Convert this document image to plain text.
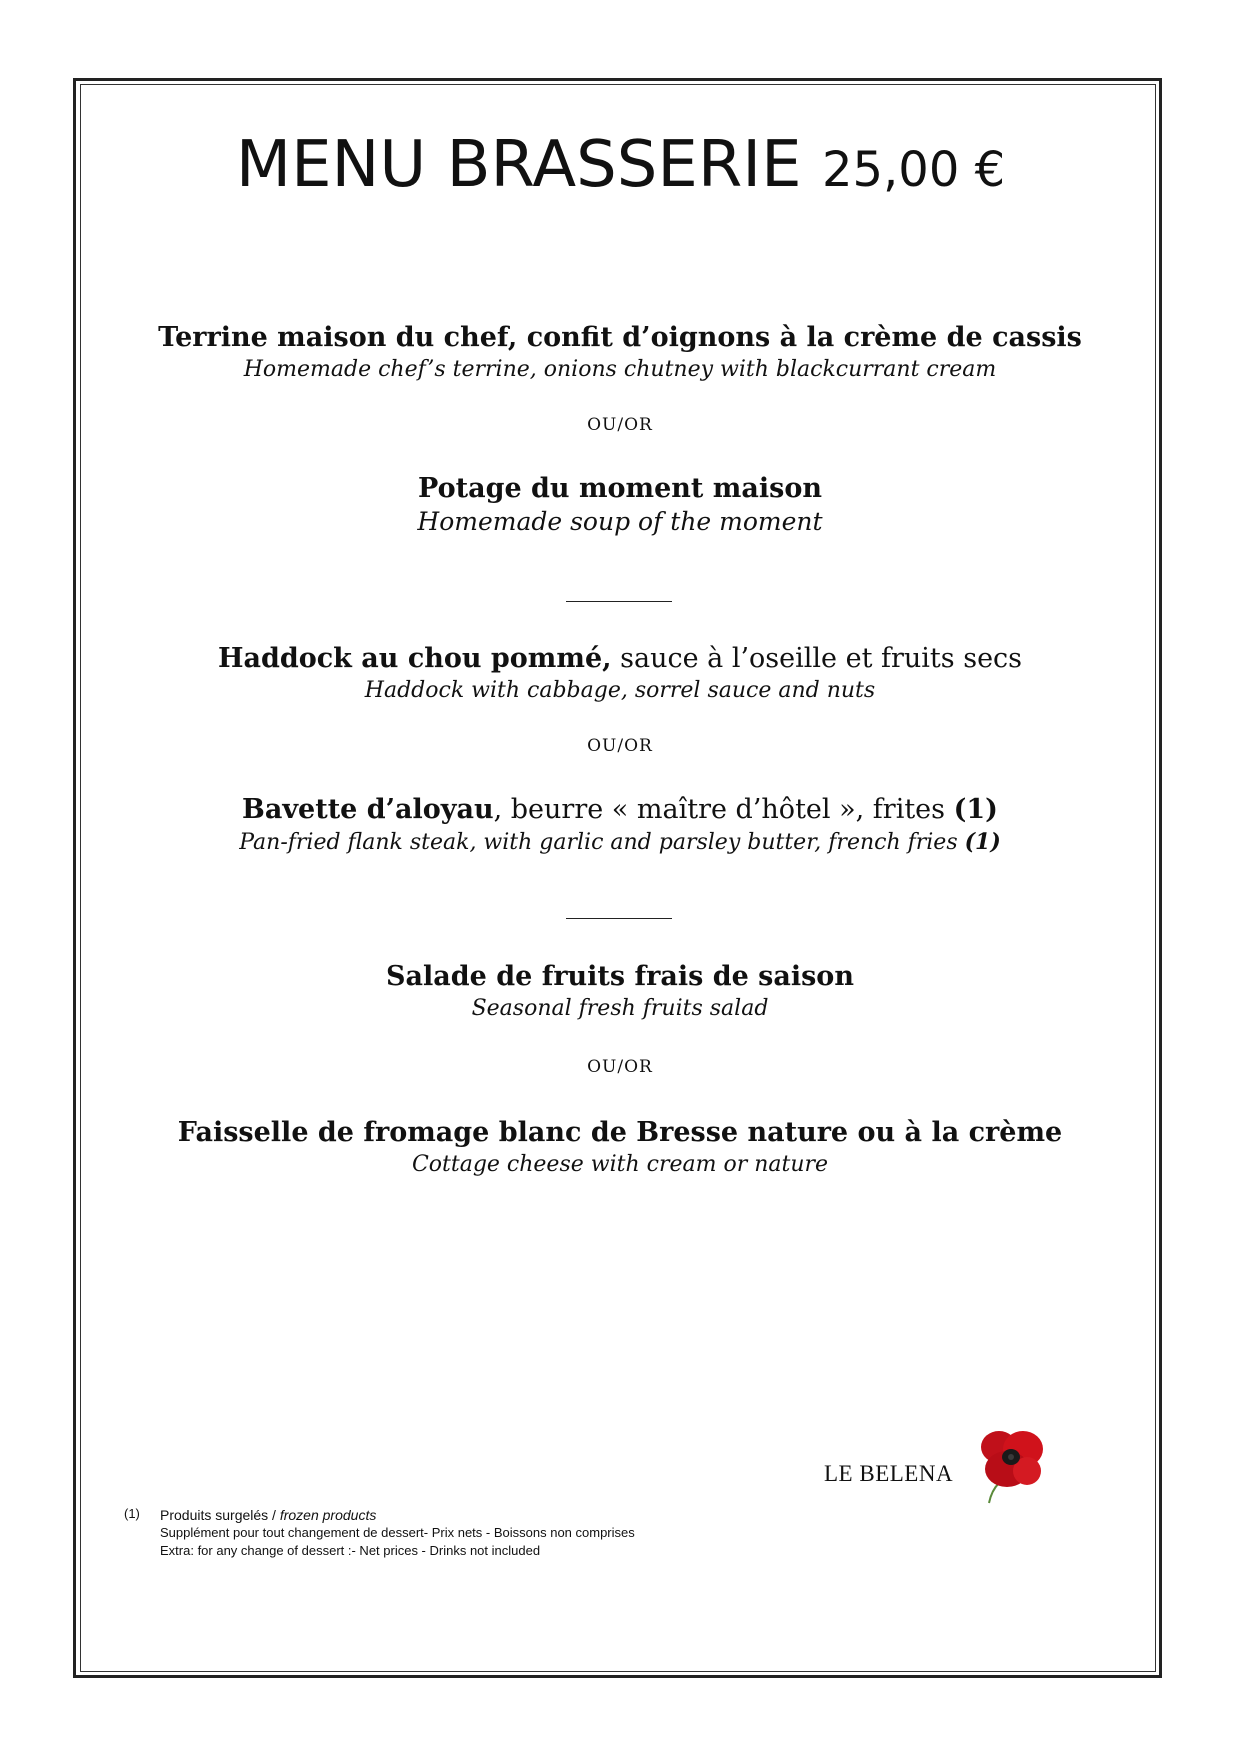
MENU BRASSERIE 25,00 €
Terrine maison du chef, confit d’oignons à la crème de cassis
Homemade chef’s terrine, onions chutney with blackcurrant cream
OU/OR
Potage du moment maison
Homemade soup of the moment
Haddock au chou pommé, sauce à l’oseille et fruits secs
Haddock with cabbage, sorrel sauce and nuts
OU/OR
Bavette d’aloyau, beurre « maître d’hôtel », frites (1)
Pan-fried flank steak, with garlic and parsley butter, french fries (1)
Salade de fruits frais de saison
Seasonal fresh fruits salad
OU/OR
Faisselle de fromage blanc de Bresse nature ou à la crème
Cottage cheese with cream or nature
LE BELENA
(1) Produits surgelés / frozen products
Supplément pour tout changement de dessert- Prix nets - Boissons non comprises
Extra: for any change of dessert :- Net prices - Drinks not included
